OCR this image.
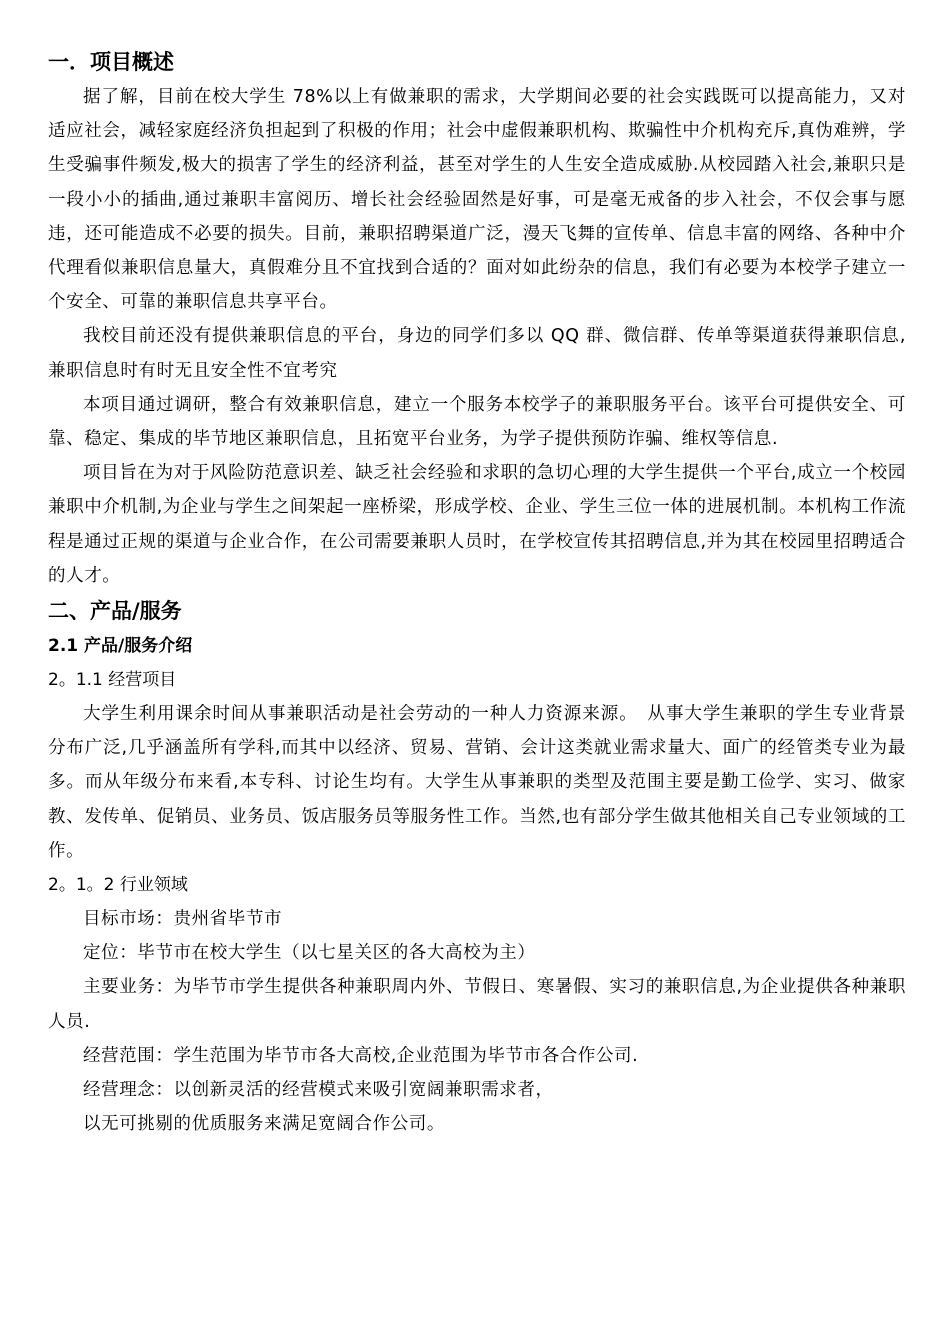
一．项目概述
据了解，目前在校大学生 78%以上有做兼职的需求，大学期间必要的社会实践既可以提高能力，又对适应社会，减轻家庭经济负担起到了积极的作用；社会中虚假兼职机构、欺骗性中介机构充斥,真伪难辨，学生受骗事件频发,极大的损害了学生的经济利益，甚至对学生的人生安全造成威胁.从校园踏入社会,兼职只是一段小小的插曲,通过兼职丰富阅历、增长社会经验固然是好事，可是毫无戒备的步入社会，不仅会事与愿违，还可能造成不必要的损失。目前，兼职招聘渠道广泛，漫天飞舞的宣传单、信息丰富的网络、各种中介代理看似兼职信息量大，真假难分且不宜找到合适的？面对如此纷杂的信息，我们有必要为本校学子建立一个安全、可靠的兼职信息共享平台。
我校目前还没有提供兼职信息的平台，身边的同学们多以 QQ 群、微信群、传单等渠道获得兼职信息,兼职信息时有时无且安全性不宜考究
本项目通过调研，整合有效兼职信息，建立一个服务本校学子的兼职服务平台。该平台可提供安全、可靠、稳定、集成的毕节地区兼职信息，且拓宽平台业务，为学子提供预防诈骗、维权等信息.
项目旨在为对于风险防范意识差、缺乏社会经验和求职的急切心理的大学生提供一个平台,成立一个校园兼职中介机制,为企业与学生之间架起一座桥梁，形成学校、企业、学生三位一体的进展机制。本机构工作流程是通过正规的渠道与企业合作，在公司需要兼职人员时，在学校宣传其招聘信息,并为其在校园里招聘适合的人才。
二、产品/服务
2.1 产品/服务介绍
2。1.1 经营项目
大学生利用课余时间从事兼职活动是社会劳动的一种人力资源来源。　从事大学生兼职的学生专业背景分布广泛,几乎涵盖所有学科,而其中以经济、贸易、营销、会计这类就业需求量大、面广的经管类专业为最多。而从年级分布来看,本专科、讨论生均有。大学生从事兼职的类型及范围主要是勤工俭学、实习、做家教、发传单、促销员、业务员、饭店服务员等服务性工作。当然,也有部分学生做其他相关自己专业领域的工作。
2。1。2 行业领域
目标市场：贵州省毕节市
定位：毕节市在校大学生（以七星关区的各大高校为主）
主要业务：为毕节市学生提供各种兼职周内外、节假日、寒暑假、实习的兼职信息,为企业提供各种兼职人员.
经营范围：学生范围为毕节市各大高校,企业范围为毕节市各合作公司.
经营理念：以创新灵活的经营模式来吸引宽阔兼职需求者，
以无可挑剔的优质服务来满足宽阔合作公司。
